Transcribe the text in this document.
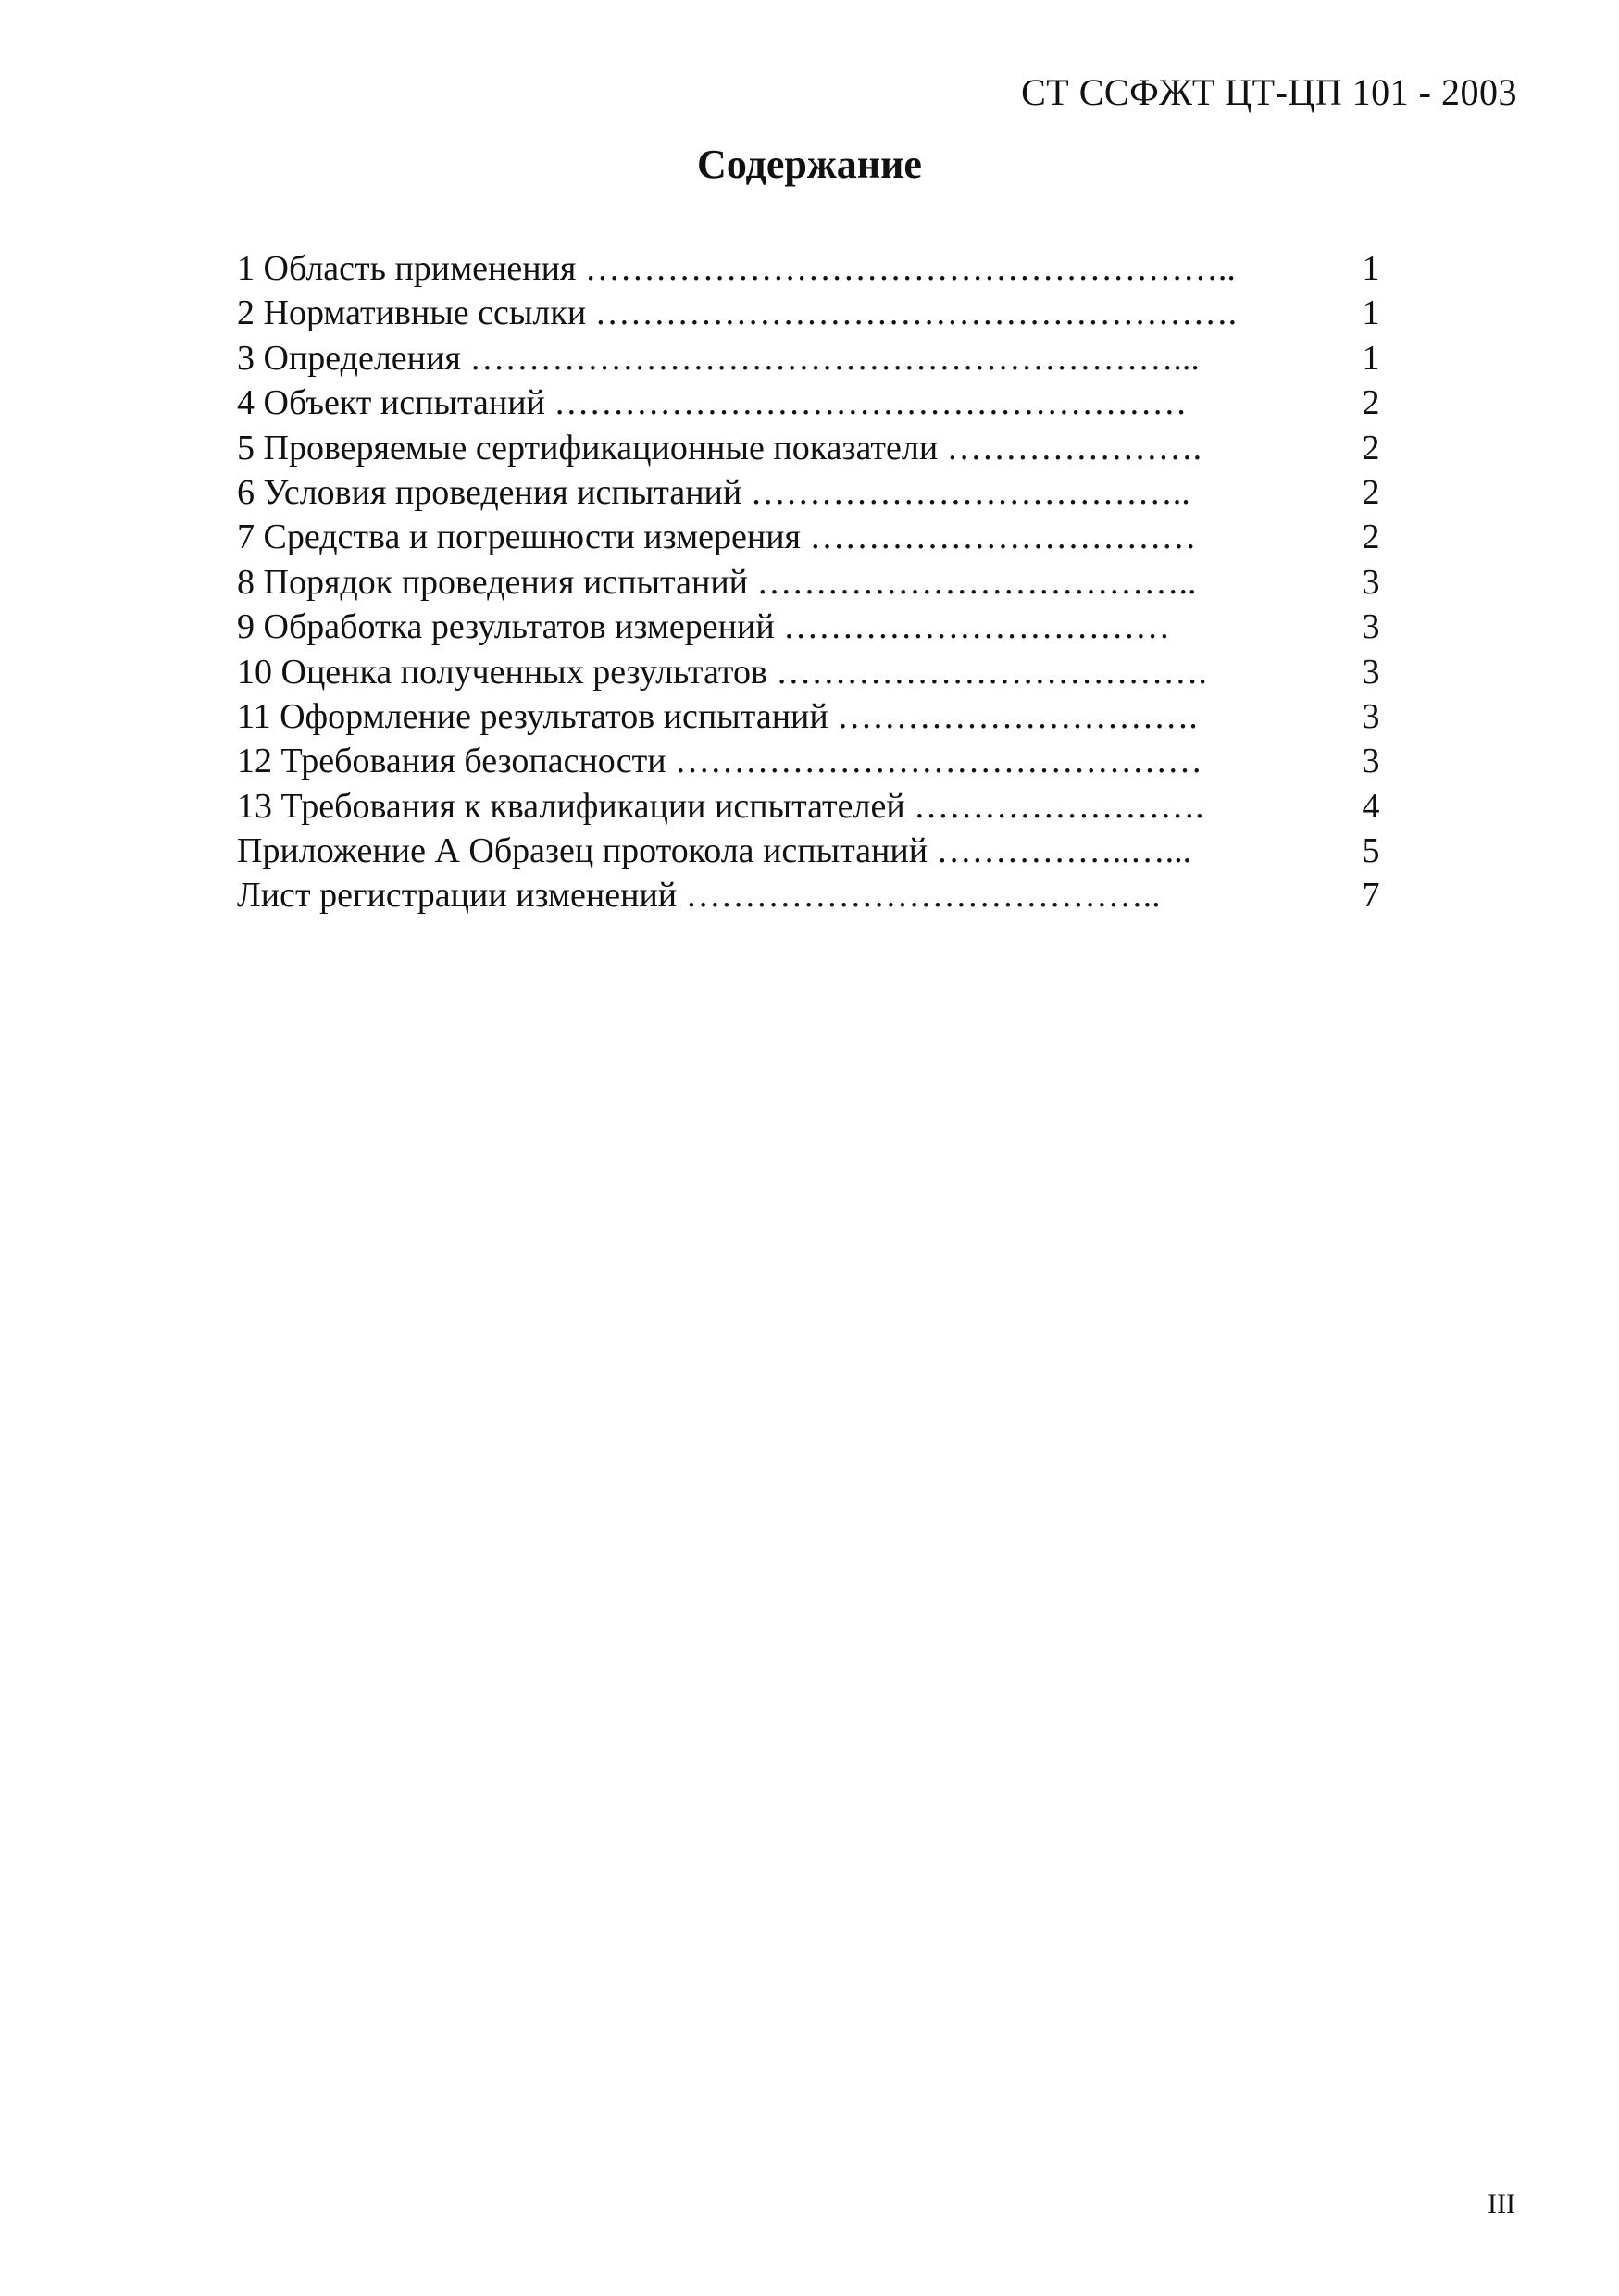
СТ ССФЖТ ЦТ-ЦП 101 - 2003
Содержание
1 Область применения ………………………………………………..	1
2 Нормативные ссылки ……………………………………………….	1
3 Определения ……………………………………………………...	1
4 Объект испытаний ………………………………………………	2
5 Проверяемые сертификационные показатели ………………….	2
6 Условия проведения испытаний ………………………………..	2
7 Средства и погрешности измерения ……………………………	2
8 Порядок проведения испытаний ………………………………..	3
9 Обработка результатов измерений ……………………………	3
10 Оценка полученных результатов ……………………………….	3
11 Оформление результатов испытаний ………………………….	3
12 Требования безопасности ………………………………………	3
13 Требования к квалификации испытателей …………………….	4
Приложение А Образец протокола испытаний ……………..…...	5
Лист регистрации изменений …………………………………..	7
III
